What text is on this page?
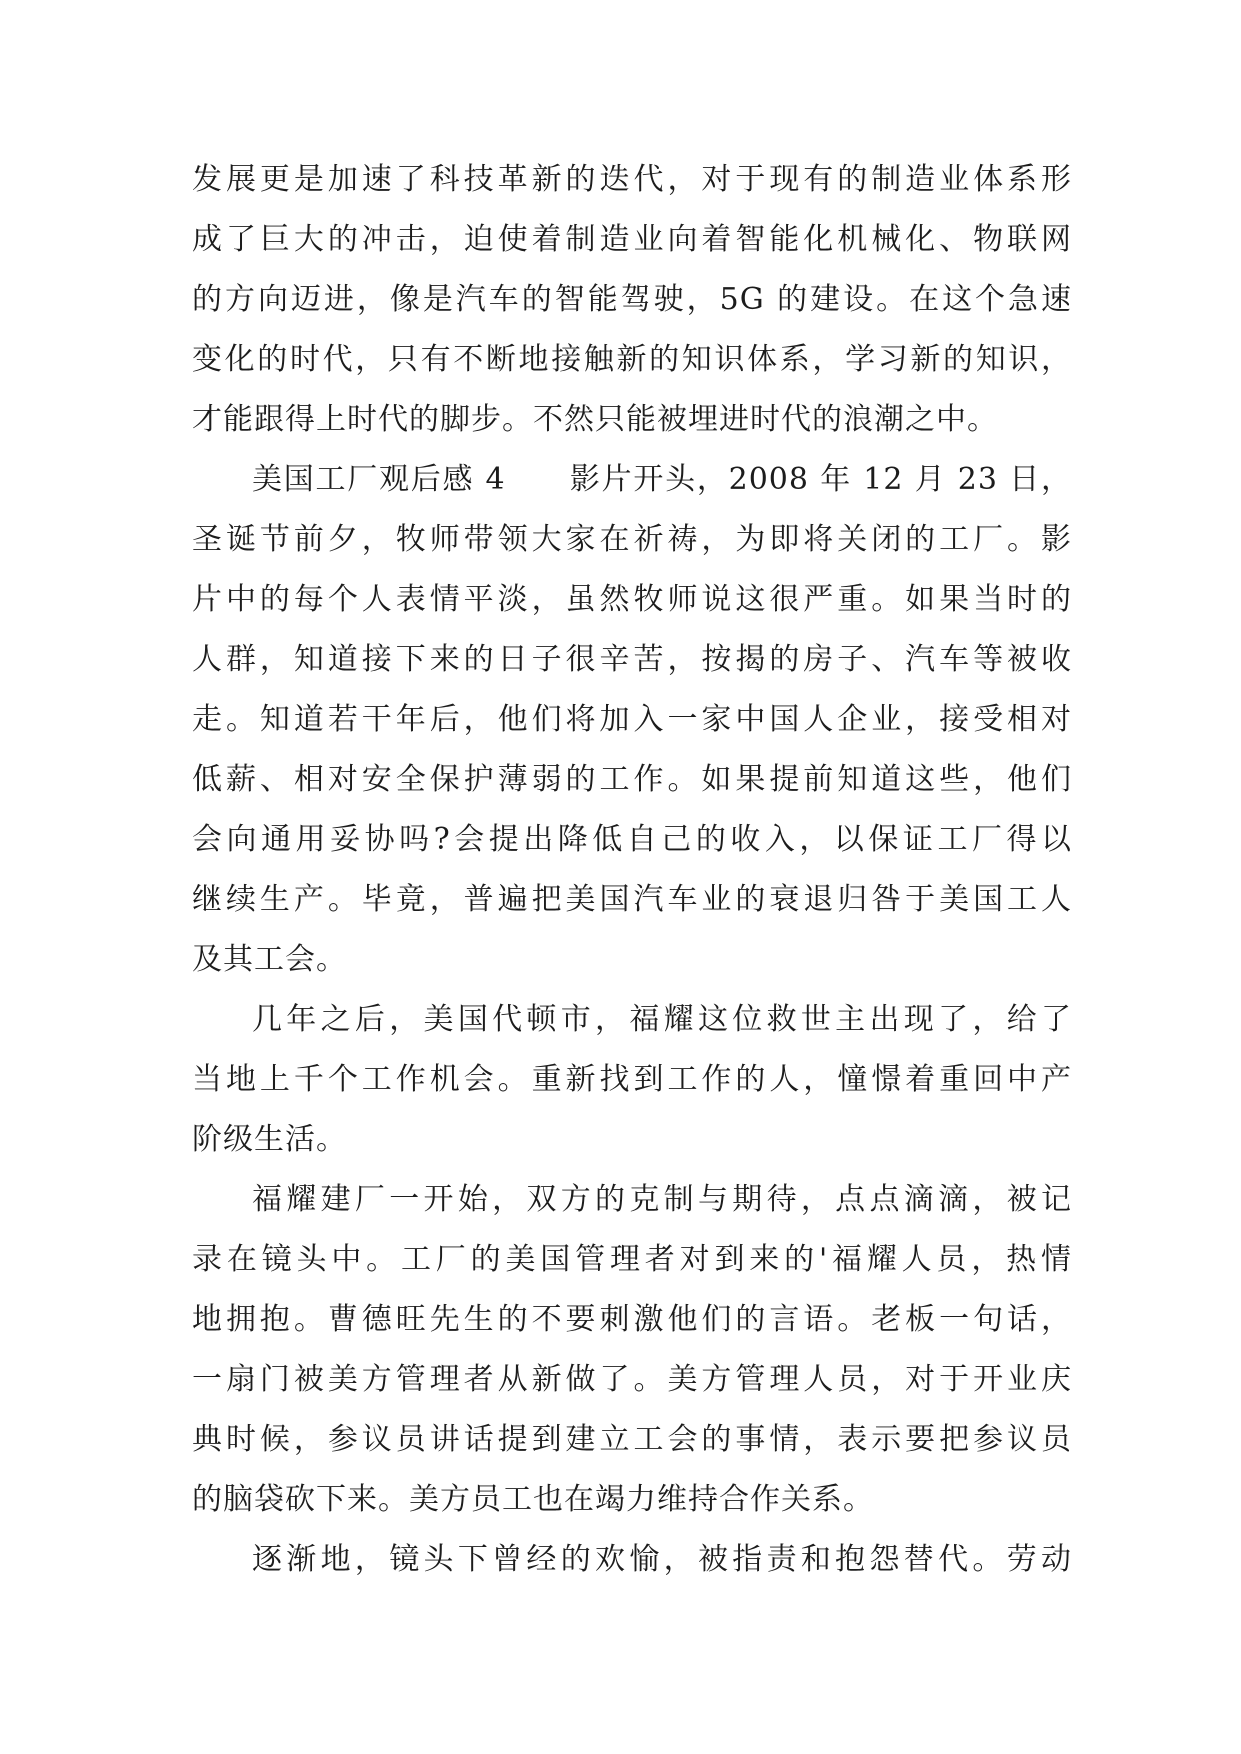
发展更是加速了科技革新的迭代，对于现有的制造业体系形
成了巨大的冲击，迫使着制造业向着智能化机械化、物联网
的方向迈进，像是汽车的智能驾驶，5G 的建设。在这个急速
变化的时代，只有不断地接触新的知识体系，学习新的知识，
才能跟得上时代的脚步。不然只能被埋进时代的浪潮之中。
美国工厂观后感 4　　影片开头，2008 年 12 月 23 日，
圣诞节前夕，牧师带领大家在祈祷，为即将关闭的工厂。影
片中的每个人表情平淡，虽然牧师说这很严重。如果当时的
人群，知道接下来的日子很辛苦，按揭的房子、汽车等被收
走。知道若干年后，他们将加入一家中国人企业，接受相对
低薪、相对安全保护薄弱的工作。如果提前知道这些，他们
会向通用妥协吗?会提出降低自己的收入，以保证工厂得以
继续生产。毕竟，普遍把美国汽车业的衰退归咎于美国工人
及其工会。
几年之后，美国代顿市，福耀这位救世主出现了，给了
当地上千个工作机会。重新找到工作的人，憧憬着重回中产
阶级生活。
福耀建厂一开始，双方的克制与期待，点点滴滴，被记
录在镜头中。工厂的美国管理者对到来的'福耀人员，热情
地拥抱。曹德旺先生的不要刺激他们的言语。老板一句话，
一扇门被美方管理者从新做了。美方管理人员，对于开业庆
典时候，参议员讲话提到建立工会的事情，表示要把参议员
的脑袋砍下来。美方员工也在竭力维持合作关系。
逐渐地，镜头下曾经的欢愉，被指责和抱怨替代。劳动
